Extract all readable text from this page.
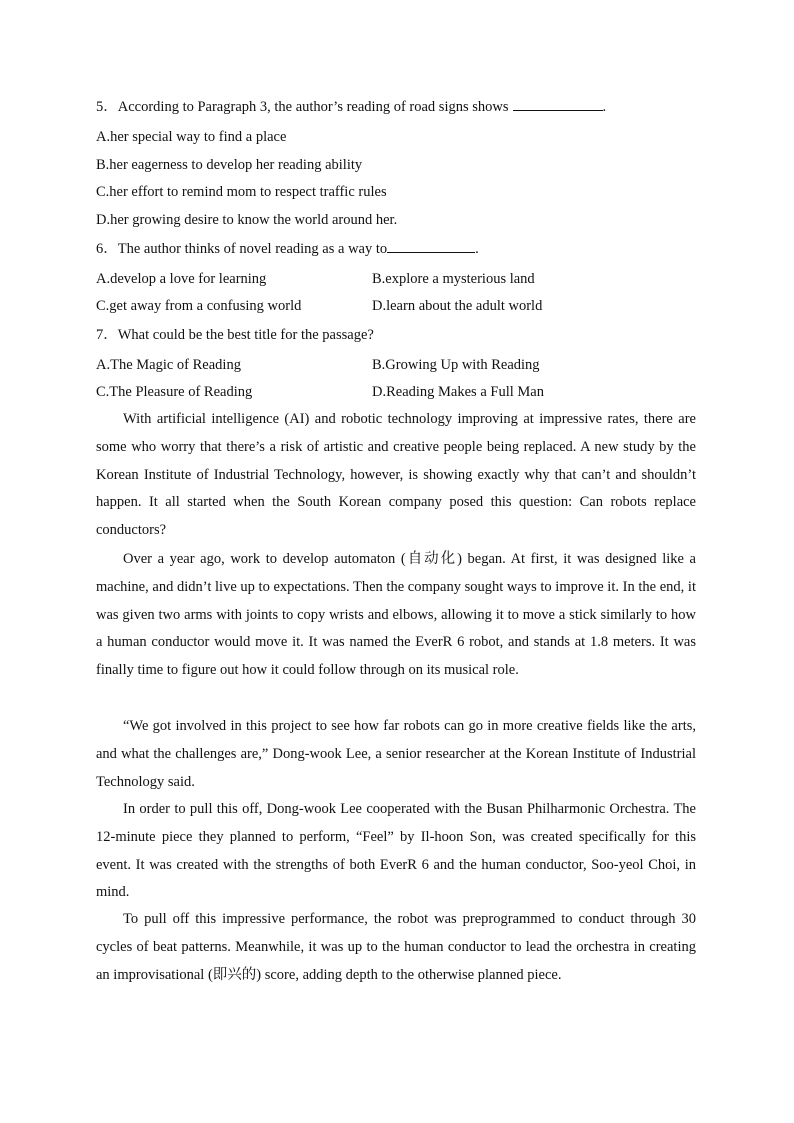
5．According to Paragraph 3, the author’s reading of road signs shows	.
A.her special way to find a place
B.her eagerness to develop her reading ability
C.her effort to remind mom to respect traffic rules
D.her growing desire to know the world around her.
6．The author thinks of novel reading as a way to	.
A.develop a love for learning	B.explore a mysterious land
C.get away from a confusing world	D.learn about the adult world
7．What could be the best title for the passage?
A.The Magic of Reading	B.Growing Up with Reading
C.The Pleasure of Reading	D.Reading Makes a Full Man

With artificial intelligence (AI) and robotic technology improving at impressive rates, there are some who worry that there’s a risk of artistic and creative people being replaced. A new study by the Korean Institute of Industrial Technology, however, is showing exactly why that can’t and shouldn’t happen. It all started when the South Korean company posed this question: Can robots replace conductors?

Over a year ago, work to develop automaton (自动化) began. At first, it was designed like a machine, and didn’t live up to expectations. Then the company sought ways to improve it. In the end, it was given two arms with joints to copy wrists and elbows, allowing it to move a stick similarly to how a human conductor would move it. It was named the EverR 6 robot, and stands at 1.8 meters. It was finally time to figure out how it could follow through on its musical role.

“We got involved in this project to see how far robots can go in more creative fields like the arts, and what the challenges are,” Dong-wook Lee, a senior researcher at the Korean Institute of Industrial Technology said.

In order to pull this off, Dong-wook Lee cooperated with the Busan Philharmonic Orchestra. The 12-minute piece they planned to perform, “Feel” by Il-hoon Son, was created specifically for this event. It was created with the strengths of both EverR 6 and the human conductor, Soo-yeol Choi, in mind.

To pull off this impressive performance, the robot was preprogrammed to conduct through 30 cycles of beat patterns. Meanwhile, it was up to the human conductor to lead the orchestra in creating an improvisational (即兴的) score, adding depth to the otherwise planned piece.
